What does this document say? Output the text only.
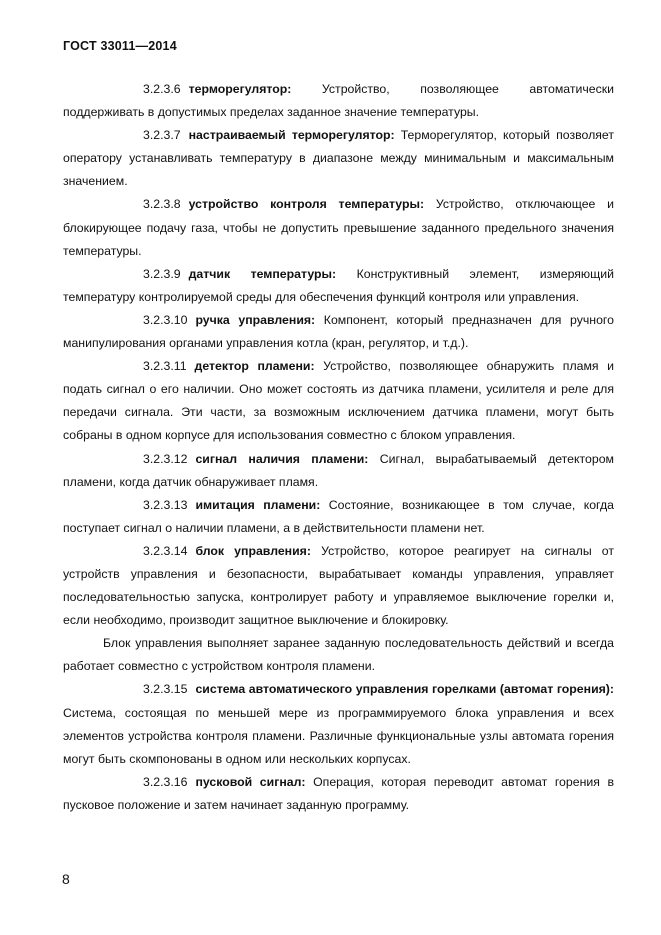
ГОСТ 33011—2014

3.2.3.6 терморегулятор: Устройство, позволяющее автоматически поддерживать в допустимых пределах заданное значение температуры.

3.2.3.7 настраиваемый терморегулятор: Терморегулятор, который позволяет оператору устанавливать температуру в диапазоне между минимальным и максимальным значением.

3.2.3.8 устройство контроля температуры: Устройство, отключающее и блокирующее подачу газа, чтобы не допустить превышение заданного предельного значения температуры.

3.2.3.9 датчик температуры: Конструктивный элемент, измеряющий температуру контролируемой среды для обеспечения функций контроля или управления.

3.2.3.10 ручка управления: Компонент, который предназначен для ручного манипулирования органами управления котла (кран, регулятор, и т.д.).

3.2.3.11 детектор пламени: Устройство, позволяющее обнаружить пламя и подать сигнал о его наличии. Оно может состоять из датчика пламени, усилителя и реле для передачи сигнала. Эти части, за возможным исключением датчика пламени, могут быть собраны в одном корпусе для использования совместно с блоком управления.

3.2.3.12 сигнал наличия пламени: Сигнал, вырабатываемый детектором пламени, когда датчик обнаруживает пламя.

3.2.3.13 имитация пламени: Состояние, возникающее в том случае, когда поступает сигнал о наличии пламени, а в действительности пламени нет.

3.2.3.14 блок управления: Устройство, которое реагирует на сигналы от устройств управления и безопасности, вырабатывает команды управления, управляет последовательностью запуска, контролирует работу и управляемое выключение горелки и, если необходимо, производит защитное выключение и блокировку.

Блок управления выполняет заранее заданную последовательность действий и всегда работает совместно с устройством контроля пламени.

3.2.3.15 система автоматического управления горелками (автомат горения): Система, состоящая по меньшей мере из программируемого блока управления и всех элементов устройства контроля пламени. Различные функциональные узлы автомата горения могут быть скомпонованы в одном или нескольких корпусах.

3.2.3.16 пусковой сигнал: Операция, которая переводит автомат горения в пусковое положение и затем начинает заданную программу.

8
